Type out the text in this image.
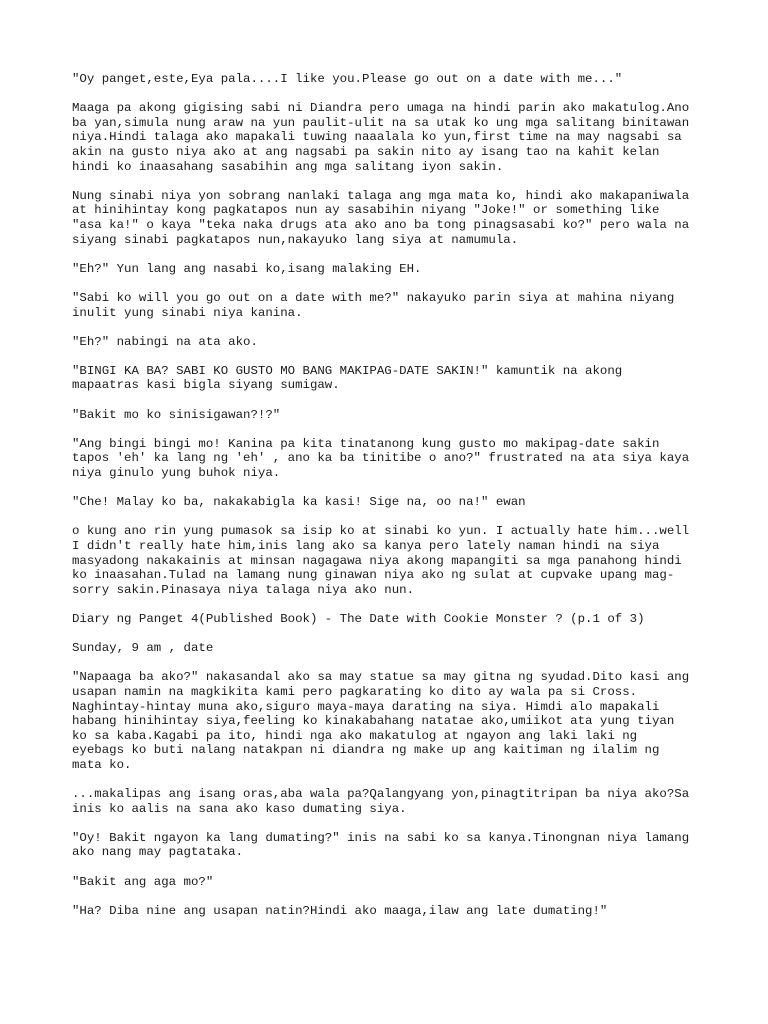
"Oy panget,este,Eya pala....I like you.Please go out on a date with me..."
Maaga pa akong gigising sabi ni Diandra pero umaga na hindi parin ako makatulog.Ano
ba yan,simula nung araw na yun paulit-ulit na sa utak ko ung mga salitang binitawan
niya.Hindi talaga ako mapakali tuwing naaalala ko yun,first time na may nagsabi sa
akin na gusto niya ako at ang nagsabi pa sakin nito ay isang tao na kahit kelan
hindi ko inaasahang sasabihin ang mga salitang iyon sakin.
Nung sinabi niya yon sobrang nanlaki talaga ang mga mata ko, hindi ako makapaniwala
at hinihintay kong pagkatapos nun ay sasabihin niyang "Joke!" or something like
"asa ka!" o kaya "teka naka drugs ata ako ano ba tong pinagsasabi ko?" pero wala na
siyang sinabi pagkatapos nun,nakayuko lang siya at namumula.
"Eh?" Yun lang ang nasabi ko,isang malaking EH.
"Sabi ko will you go out on a date with me?" nakayuko parin siya at mahina niyang
inulit yung sinabi niya kanina.
"Eh?" nabingi na ata ako.
"BINGI KA BA? SABI KO GUSTO MO BANG MAKIPAG-DATE SAKIN!" kamuntik na akong
mapaatras kasi bigla siyang sumigaw.
"Bakit mo ko sinisigawan?!?"
"Ang bingi bingi mo! Kanina pa kita tinatanong kung gusto mo makipag-date sakin
tapos 'eh' ka lang ng 'eh' , ano ka ba tinitibe o ano?" frustrated na ata siya kaya
niya ginulo yung buhok niya.
"Che! Malay ko ba, nakakabigla ka kasi! Sige na, oo na!" ewan
o kung ano rin yung pumasok sa isip ko at sinabi ko yun. I actually hate him...well
I didn't really hate him,inis lang ako sa kanya pero lately naman hindi na siya
masyadong nakakainis at minsan nagagawa niya akong mapangiti sa mga panahong hindi
ko inaasahan.Tulad na lamang nung ginawan niya ako ng sulat at cupvake upang mag-
sorry sakin.Pinasaya niya talaga niya ako nun.
Diary ng Panget 4(Published Book) - The Date with Cookie Monster ? (p.1 of 3)
Sunday, 9 am , date
"Napaaga ba ako?" nakasandal ako sa may statue sa may gitna ng syudad.Dito kasi ang
usapan namin na magkikita kami pero pagkarating ko dito ay wala pa si Cross.
Naghintay-hintay muna ako,siguro maya-maya darating na siya. Himdi alo mapakali
habang hinihintay siya,feeling ko kinakabahang natatae ako,umiikot ata yung tiyan
ko sa kaba.Kagabi pa ito, hindi nga ako makatulog at ngayon ang laki laki ng
eyebags ko buti nalang natakpan ni diandra ng make up ang kaitiman ng ilalim ng
mata ko.
...makalipas ang isang oras,aba wala pa?Qalangyang yon,pinagtitripan ba niya ako?Sa
inis ko aalis na sana ako kaso dumating siya.
"Oy! Bakit ngayon ka lang dumating?" inis na sabi ko sa kanya.Tinongnan niya lamang
ako nang may pagtataka.
"Bakit ang aga mo?"
"Ha? Diba nine ang usapan natin?Hindi ako maaga,ilaw ang late dumating!"
